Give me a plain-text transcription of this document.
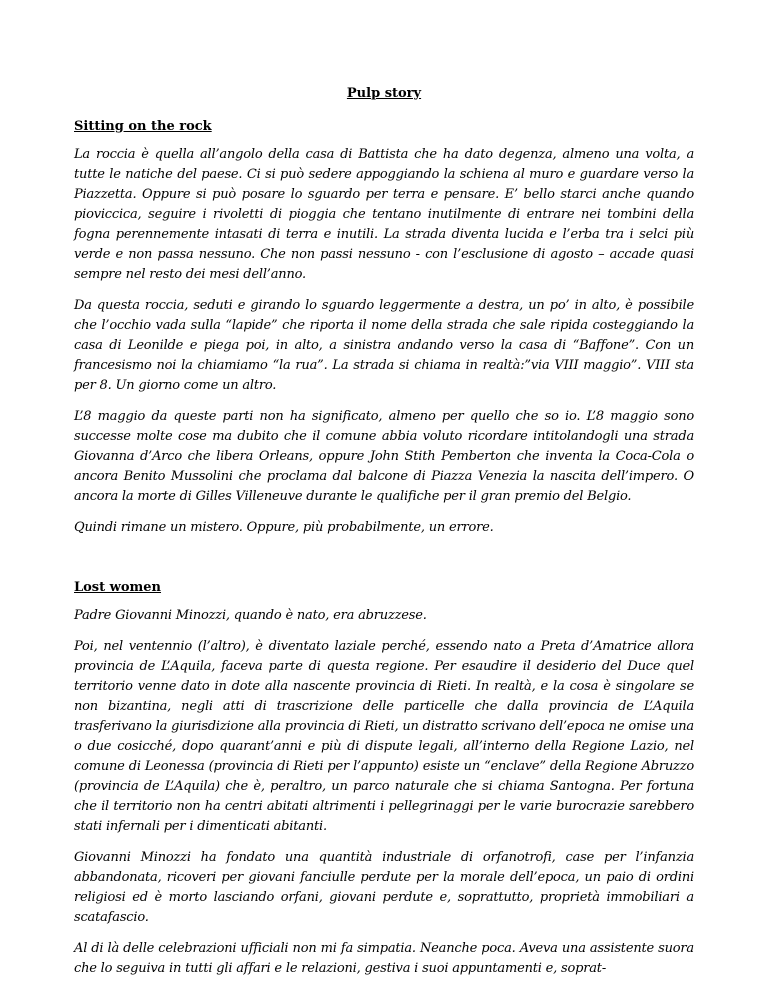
Pulp story
Sitting on the rock

La roccia è quella all’angolo della casa di Battista che ha dato degenza, almeno una volta, a tutte le natiche del paese. Ci si può sedere appoggiando la schiena al muro e guardare verso la Piazzetta. Oppure si può posare lo sguardo per terra e pensare. E’ bello starci anche quando pioviccica, seguire i rivoletti di pioggia che tentano inutilmente di entrare nei tombini della fogna perennemente intasati di terra e inutili. La strada diventa lucida e l’erba tra i selci più verde e non passa nessuno. Che non passi nessuno - con l’esclusione di agosto – accade quasi sempre nel resto dei mesi dell’anno.

Da questa roccia, seduti e girando lo sguardo leggermente a destra, un po’ in alto, è possibile che l’occhio vada sulla “lapide” che riporta il nome della strada che sale ripida costeggiando la casa di Leonilde e piega poi, in alto, a sinistra andando verso la casa di “Baffone”. Con un francesismo noi la chiamiamo “la rua”. La strada si chiama in realtà:”via VIII maggio”. VIII sta per 8. Un giorno come un altro.

L’8 maggio da queste parti non ha significato, almeno per quello che so io. L’8 maggio sono successe molte cose ma dubito che il comune abbia voluto ricordare intitolandogli una strada Giovanna d’Arco che libera Orleans, oppure John Stith Pemberton che inventa la Coca-Cola o ancora Benito Mussolini che proclama dal balcone di Piazza Venezia la nascita dell’impero. O ancora la morte di Gilles Villeneuve durante le qualifiche per il gran premio del Belgio.

Quindi rimane un mistero. Oppure, più probabilmente, un errore.

Lost women

Padre Giovanni Minozzi, quando è nato, era abruzzese.

Poi, nel ventennio (l’altro), è diventato laziale perché, essendo nato a Preta d’Amatrice allora provincia de L’Aquila, faceva parte di questa regione. Per esaudire il desiderio del Duce quel territorio venne dato in dote alla nascente provincia di Rieti. In realtà, e la cosa è singolare se non bizantina, negli atti di trascrizione delle particelle che dalla provincia de L’Aquila trasferivano la giurisdizione alla provincia di Rieti, un distratto scrivano dell’epoca ne omise una o due cosicché, dopo quarant’anni e più di dispute legali, all’interno della Regione Lazio, nel comune di Leonessa (provincia di Rieti per l’appunto) esiste un “enclave” della Regione Abruzzo (provincia de L’Aquila) che è, peraltro, un parco naturale che si chiama Santogna. Per fortuna che il territorio non ha centri abitati altrimenti i pellegrinaggi per le varie burocrazie sarebbero stati infernali per i dimenticati abitanti.

Giovanni Minozzi ha fondato una quantità industriale di orfanotrofi, case per l’infanzia abbandonata, ricoveri per giovani fanciulle perdute per la morale dell’epoca, un paio di ordini religiosi ed è morto lasciando orfani, giovani perdute e, soprattutto, proprietà immobiliari a scatafascio.

Al di là delle celebrazioni ufficiali non mi fa simpatia. Neanche poca. Aveva una assistente suora che lo seguiva in tutti gli affari e le relazioni, gestiva i suoi appuntamenti e, soprat-
